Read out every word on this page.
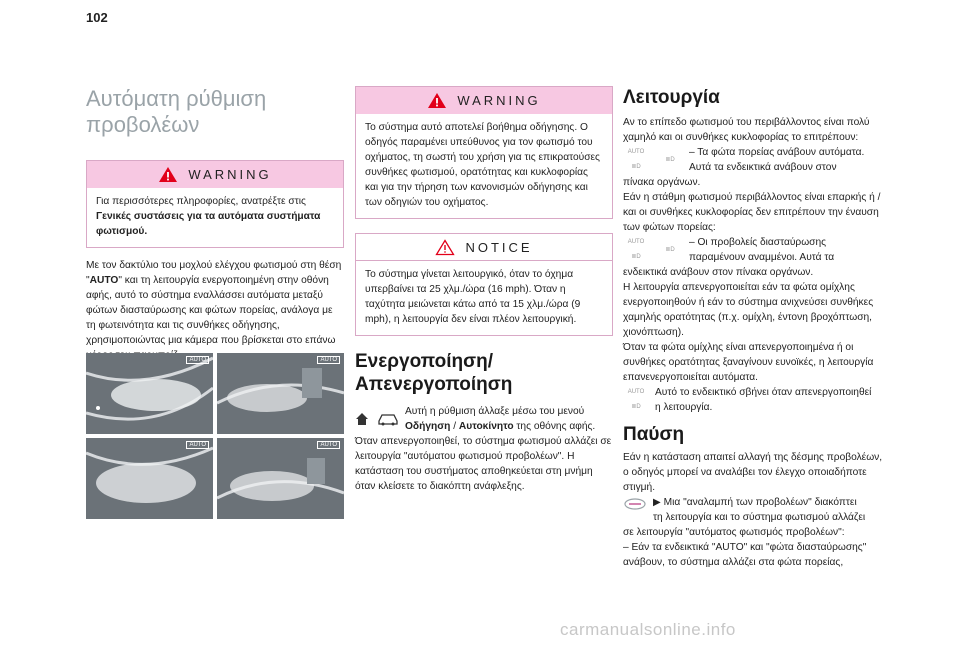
102
Αυτόματη ρύθμιση
προβολέων
WARNING
Για περισσότερες πληροφορίες, ανατρέξτε στις Γενικές συστάσεις για τα αυτόματα συστήματα φωτισμού.
Με τον δακτύλιο του μοχλού ελέγχου φωτισμού στη θέση "AUTO" και τη λειτουργία ενεργοποιημένη στην οθόνη αφής, αυτό το σύστημα εναλλάσσει αυτόματα μεταξύ φώτων διασταύρωσης και φώτων πορείας, ανάλογα με τη φωτεινότητα και τις συνθήκες οδήγησης, χρησιμοποιώντας μια κάμερα που βρίσκεται στο επάνω
AUTO	AUTO
AUTO	AUTO
WARNING
Το σύστημα αυτό αποτελεί βοήθημα οδήγησης. Ο οδηγός παραμένει υπεύθυνος για τον φωτισμό του οχήματος, τη σωστή του χρήση για τις επικρατούσες συνθήκες φωτισμού, ορατότητας και κυκλοφορίας και για την τήρηση των κανονισμών οδήγησης και των οδηγιών του οχήματος.
NOTICE
Το σύστημα γίνεται λειτουργικό, όταν το όχημα υπερβαίνει τα 25 χλμ./ώρα (16 mph). Όταν η ταχύτητα μειώνεται κάτω από τα 15 χλμ./ώρα (9 mph), η λειτουργία δεν είναι πλέον λειτουργική.
Ενεργοποίηση/
Απενεργοποίηση
Αυτή η ρύθμιση άλλαξε μέσω του μενού Οδήγηση / Αυτοκίνητο της οθόνης αφής.
Όταν απενεργοποιηθεί, το σύστημα φωτισμού αλλάζει σε λειτουργία "αυτόματου φωτισμού προβολέων". Η κατάσταση του συστήματος αποθηκεύεται στη μνήμη όταν κλείσετε το διακόπτη ανάφλεξης.
Λειτουργία
Αν το επίπεδο φωτισμού του περιβάλλοντος είναι πολύ χαμηλό και οι συνθήκες κυκλοφορίας το επιτρέπουν:
AUTO
≣D
≣D
– Τα φώτα πορείας ανάβουν αυτόματα.
Αυτά τα ενδεικτικά ανάβουν στον
πίνακα οργάνων.
Εάν η στάθμη φωτισμού περιβάλλοντος είναι επαρκής ή / και οι συνθήκες κυκλοφορίας δεν επιτρέπουν την έναυση των φώτων πορείας:
AUTO
≣D
≣D
– Οι προβολείς διασταύρωσης
παραμένουν αναμμένοι. Αυτά τα
ενδεικτικά ανάβουν στον πίνακα οργάνων.
Η λειτουργία απενεργοποιείται εάν τα φώτα ομίχλης ενεργοποιηθούν ή εάν το σύστημα ανιχνεύσει συνθήκες χαμηλής ορατότητας (π.χ. ομίχλη, έντονη βροχόπτωση, χιονόπτωση).
Όταν τα φώτα ομίχλης είναι απενεργοποιημένα ή οι συνθήκες ορατότητας ξαναγίνουν ευνοϊκές, η λειτουργία επανενεργοποιείται αυτόματα.
AUTO
≣D
Αυτό το ενδεικτικό σβήνει όταν απενεργοποιηθεί
η λειτουργία.
Παύση
Εάν η κατάσταση απαιτεί αλλαγή της δέσμης προβολέων, ο οδηγός μπορεί να αναλάβει τον έλεγχο οποιαδήποτε στιγμή.
▶ Μια "αναλαμπή των προβολέων" διακόπτει
τη λειτουργία και το σύστημα φωτισμού αλλάζει
σε λειτουργία "αυτόματος φωτισμός προβολέων":
– Εάν τα ενδεικτικά "AUTO" και "φώτα διασταύρωσης" ανάβουν, το σύστημα αλλάζει στα φώτα πορείας,
carmanualsonline.info
